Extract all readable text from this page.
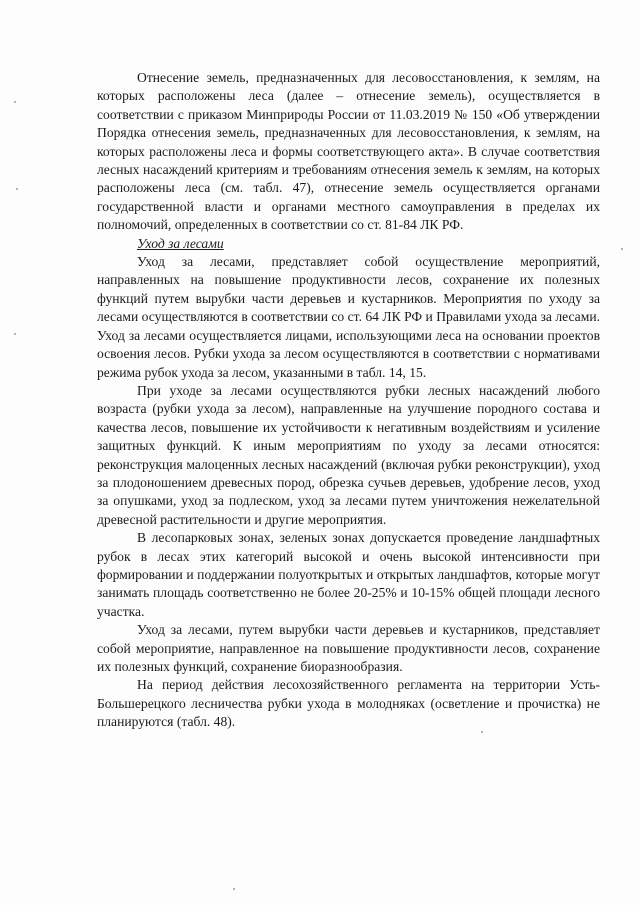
Отнесение земель, предназначенных для лесовосстановления, к землям, на которых расположены леса (далее – отнесение земель), осуществляется в соответствии с приказом Минприроды России от 11.03.2019 № 150 «Об утверждении Порядка отнесения земель, предназначенных для лесовосстановления, к землям, на которых расположены леса и формы соответствующего акта». В случае соответствия лесных насаждений критериям и требованиям отнесения земель к землям, на которых расположены леса (см. табл. 47), отнесение земель осуществляется органами государственной власти и органами местного самоуправления в пределах их полномочий, определенных в соответствии со ст. 81-84 ЛК РФ.

Уход за лесами

Уход за лесами, представляет собой осуществление мероприятий, направленных на повышение продуктивности лесов, сохранение их полезных функций путем вырубки части деревьев и кустарников. Мероприятия по уходу за лесами осуществляются в соответствии со ст. 64 ЛК РФ и Правилами ухода за лесами. Уход за лесами осуществляется лицами, использующими леса на основании проектов освоения лесов. Рубки ухода за лесом осуществляются в соответствии с нормативами режима рубок ухода за лесом, указанными в табл. 14, 15.

При уходе за лесами осуществляются рубки лесных насаждений любого возраста (рубки ухода за лесом), направленные на улучшение породного состава и качества лесов, повышение их устойчивости к негативным воздействиям и усиление защитных функций. К иным мероприятиям по уходу за лесами относятся: реконструкция малоценных лесных насаждений (включая рубки реконструкции), уход за плодоношением древесных пород, обрезка сучьев деревьев, удобрение лесов, уход за опушками, уход за подлеском, уход за лесами путем уничтожения нежелательной древесной растительности и другие мероприятия.

В лесопарковых зонах, зеленых зонах допускается проведение ландшафтных рубок в лесах этих категорий высокой и очень высокой интенсивности при формировании и поддержании полуоткрытых и открытых ландшафтов, которые могут занимать площадь соответственно не более 20-25% и 10-15% общей площади лесного участка.

Уход за лесами, путем вырубки части деревьев и кустарников, представляет собой мероприятие, направленное на повышение продуктивности лесов, сохранение их полезных функций, сохранение биоразнообразия.

На период действия лесохозяйственного регламента на территории Усть-Большерецкого лесничества рубки ухода в молодняках (осветление и прочистка) не планируются (табл. 48).
